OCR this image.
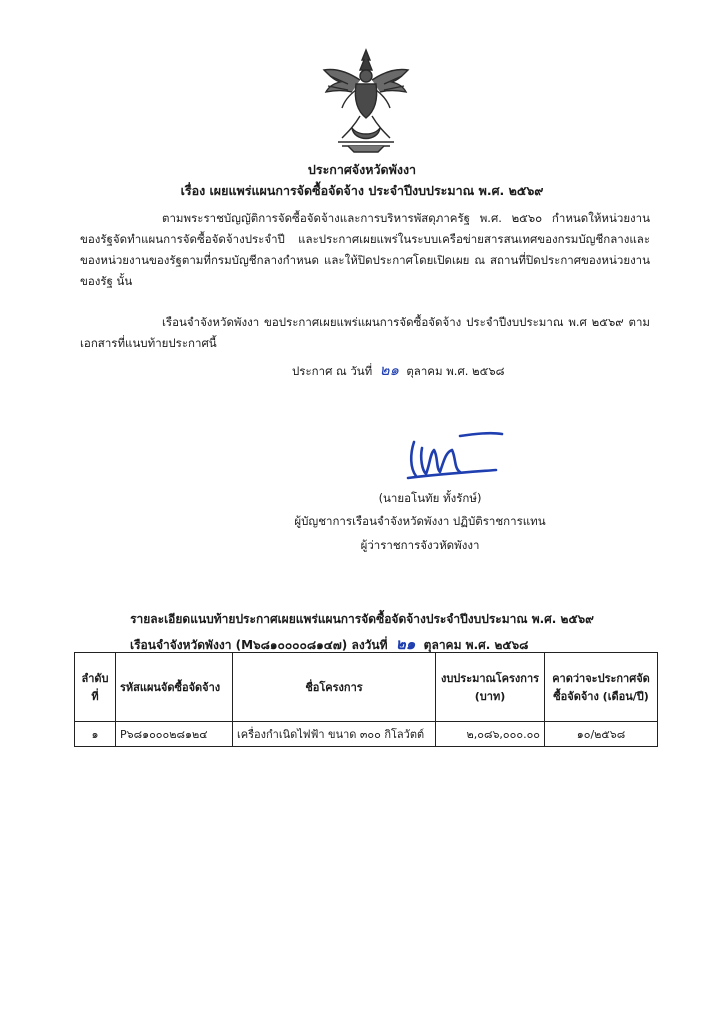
ประกาศจังหวัดพังงา
เรื่อง เผยแพร่แผนการจัดซื้อจัดจ้าง ประจำปีงบประมาณ พ.ศ. ๒๕๖๙
ตามพระราชบัญญัติการจัดซื้อจัดจ้างและการบริหารพัสดุภาครัฐ พ.ศ. ๒๕๖๐ กำหนดให้หน่วยงานของรัฐจัดทำแผนการจัดซื้อจัดจ้างประจำปี และประกาศเผยแพร่ในระบบเครือข่ายสารสนเทศของกรมบัญชีกลางและของหน่วยงานของรัฐตามที่กรมบัญชีกลางกำหนด และให้ปิดประกาศโดยเปิดเผย ณ สถานที่ปิดประกาศของหน่วยงานของรัฐ นั้น
เรือนจำจังหวัดพังงา ขอประกาศเผยแพร่แผนการจัดซื้อจัดจ้าง ประจำปีงบประมาณ พ.ศ ๒๕๖๙ ตามเอกสารที่แนบท้ายประกาศนี้
ประกาศ ณ วันที่ ๒๑ ตุลาคม พ.ศ. ๒๕๖๘
(นายอโนทัย ทั้งรักษ์)
ผู้บัญชาการเรือนจำจังหวัดพังงา ปฏิบัติราชการแทน
ผู้ว่าราชการจังวหัดพังงา
รายละเอียดแนบท้ายประกาศเผยแพร่แผนการจัดซื้อจัดจ้างประจำปีงบประมาณ พ.ศ. ๒๕๖๙
เรือนจำจังหวัดพังงา (M๖๘๑๐๐๐๐๘๑๔๗) ลงวันที่ ๒๑ ตุลาคม พ.ศ. ๒๕๖๘
ลำดับที่	รหัสแผนจัดซื้อจัดจ้าง	ชื่อโครงการ	งบประมาณโครงการ (บาท)	คาดว่าจะประกาศจัดซื้อจัดจ้าง (เดือน/ปี)
๑	P๖๘๑๐๐๐๒๘๑๒๔	เครื่องกำเนิดไฟฟ้า ขนาด ๓๐๐ กิโลวัตต์	๒,๐๘๖,๐๐๐.๐๐	๑๐/๒๕๖๘
